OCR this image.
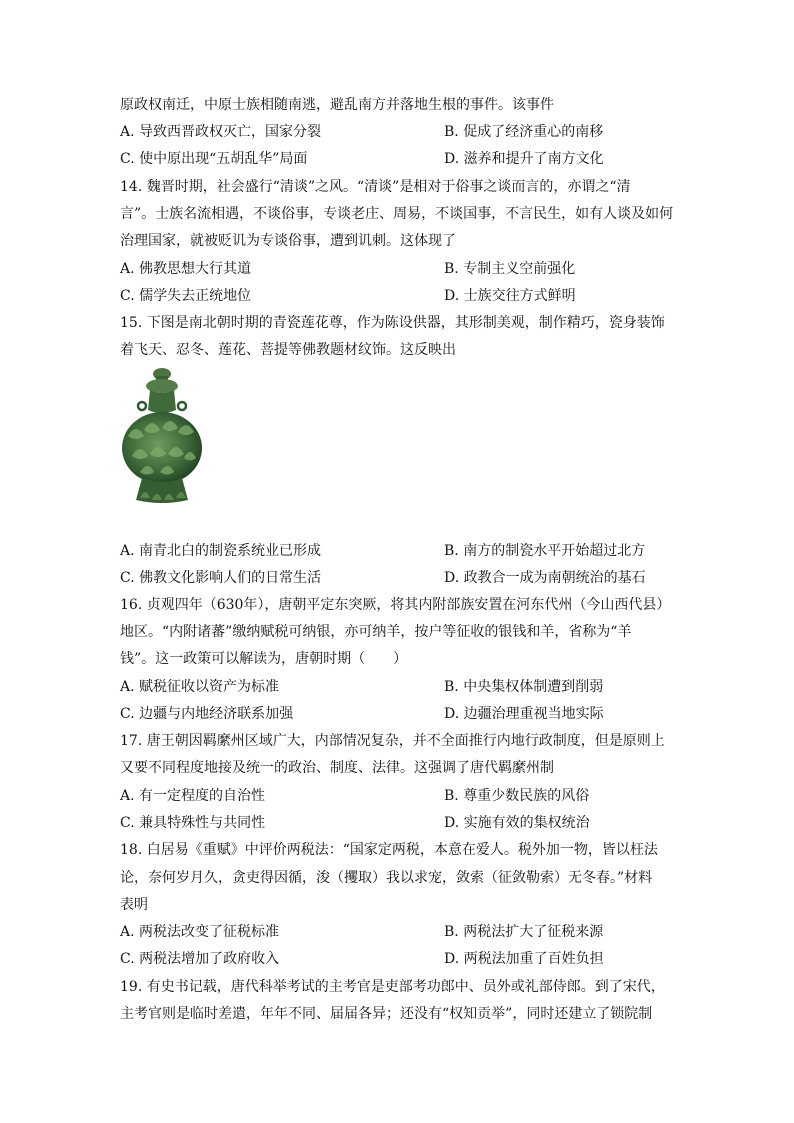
原政权南迁，中原士族相随南逃，避乱南方并落地生根的事件。该事件
A. 导致西晋政权灭亡，国家分裂	B. 促成了经济重心的南移
C. 使中原出现“五胡乱华”局面	D. 滋养和提升了南方文化
14. 魏晋时期，社会盛行“清谈”之风。“清谈”是相对于俗事之谈而言的，亦谓之“清
言”。士族名流相遇，不谈俗事，专谈老庄、周易，不谈国事，不言民生，如有人谈及如何
治理国家，就被贬讥为专谈俗事，遭到讥刺。这体现了
A. 佛教思想大行其道	B. 专制主义空前强化
C. 儒学失去正统地位	D. 士族交往方式鲜明
15. 下图是南北朝时期的青瓷莲花尊，作为陈设供器，其形制美观，制作精巧，瓷身装饰
着飞天、忍冬、莲花、菩提等佛教题材纹饰。这反映出
A. 南青北白的制瓷系统业已形成	B. 南方的制瓷水平开始超过北方
C. 佛教文化影响人们的日常生活	D. 政教合一成为南朝统治的基石
16. 贞观四年（630年），唐朝平定东突厥，将其内附部族安置在河东代州（今山西代县）
地区。“内附诸蕃”缴纳赋税可纳银，亦可纳羊，按户等征收的银钱和羊，省称为“羊
钱”。这一政策可以解读为，唐朝时期（　　）
A. 赋税征收以资产为标准	B. 中央集权体制遭到削弱
C. 边疆与内地经济联系加强	D. 边疆治理重视当地实际
17. 唐王朝因羁縻州区域广大，内部情况复杂，并不全面推行内地行政制度，但是原则上
又要不同程度地接及统一的政治、制度、法律。这强调了唐代羁縻州制
A. 有一定程度的自治性	B. 尊重少数民族的风俗
C. 兼具特殊性与共同性	D. 实施有效的集权统治
18. 白居易《重赋》中评价两税法：“国家定两税，本意在爱人。税外加一物，皆以枉法
论，奈何岁月久，贪吏得因循，浚（攫取）我以求宠，敛索（征敛勒索）无冬春。”材料
表明
A. 两税法改变了征税标准	B. 两税法扩大了征税来源
C. 两税法增加了政府收入	D. 两税法加重了百姓负担
19. 有史书记载，唐代科举考试的主考官是吏部考功郎中、员外或礼部侍郎。到了宋代，
主考官则是临时差遣，年年不同、届届各异；还没有“权知贡举”，同时还建立了锁院制
